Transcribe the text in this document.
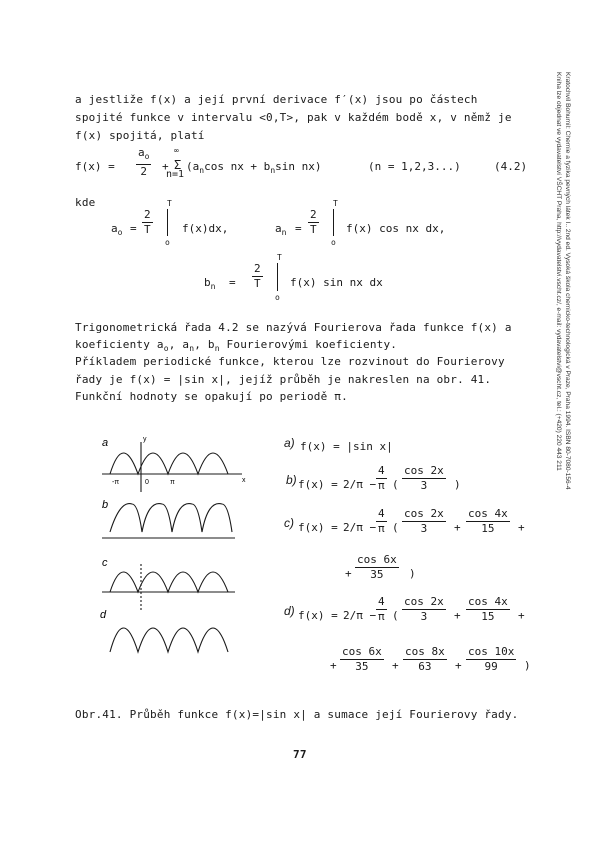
Kratochvíl Bohumil: Chemie a fyzika pevných látek I.. 2nd ed. Vysoká škola chemicko-technologická v Praze, Praha 1994. ISBN 80-7080-156-4
Kniha lze objednat ve vydavatelství VŠCHT Praha, http://vydavatelstvi.vscht.cz/, e-mail: vydavatelstvi@vscht.cz, tel.: (+420) 220 443 211
a jestliže f(x) a její první derivace f′(x) jsou po částech
spojité funkce v intervalu <0,T>, pak v každém bodě x, v němž je
f(x) spojitá, platí
$f(x) = \frac{a_o}{2}$ +
∞
Σ
n=1
($a_n\cos$ nx + $b_n\sin$ nx)	(n = 1,2,3...)	(4.2)
kde
$a_o = \frac{2}{T}$
T
o
f(x)dx,	$a_n = \frac{2}{T}$
T
o
f(x) cos nx dx,
$b_n = \frac{2}{T}$
T
o
f(x) sin nx dx
Trigonometrická řada 4.2 se nazývá Fourierova řada funkce f(x) a
koeficienty $a_o$, $a_n$, $b_n$ Fourierovými koeficienty.
Příkladem periodické funkce, kterou lze rozvinout do Fourierovy
řady je f(x) = |sin x|, jejíž průběh je nakreslen na obr. 41.
Funkční hodnoty se opakují po periodě π.
a
b
c
d
y
x
-π	0	π
a) f(x) = |sin x|
b) $f(x) = 2/\pi - \frac{4}{\pi}$ ( $\frac{\cos 2x}{3}$ )
c) $f(x) = 2/\pi - \frac{4}{\pi}$ ( $\frac{\cos 2x}{3} + \frac{\cos 4x}{15}$ +
+ $\frac{\cos 6x}{35}$ )
d) $f(x) = 2/\pi - \frac{4}{\pi}$ ( $\frac{\cos 2x}{3} + \frac{\cos 4x}{15}$ +
+ $\frac{\cos 6x}{35} + \frac{\cos 8x}{63} + \frac{\cos 10x}{99}$ )
Obr.41. Průběh funkce f(x)=|sin x| a sumace její Fourierovy řady.
77
